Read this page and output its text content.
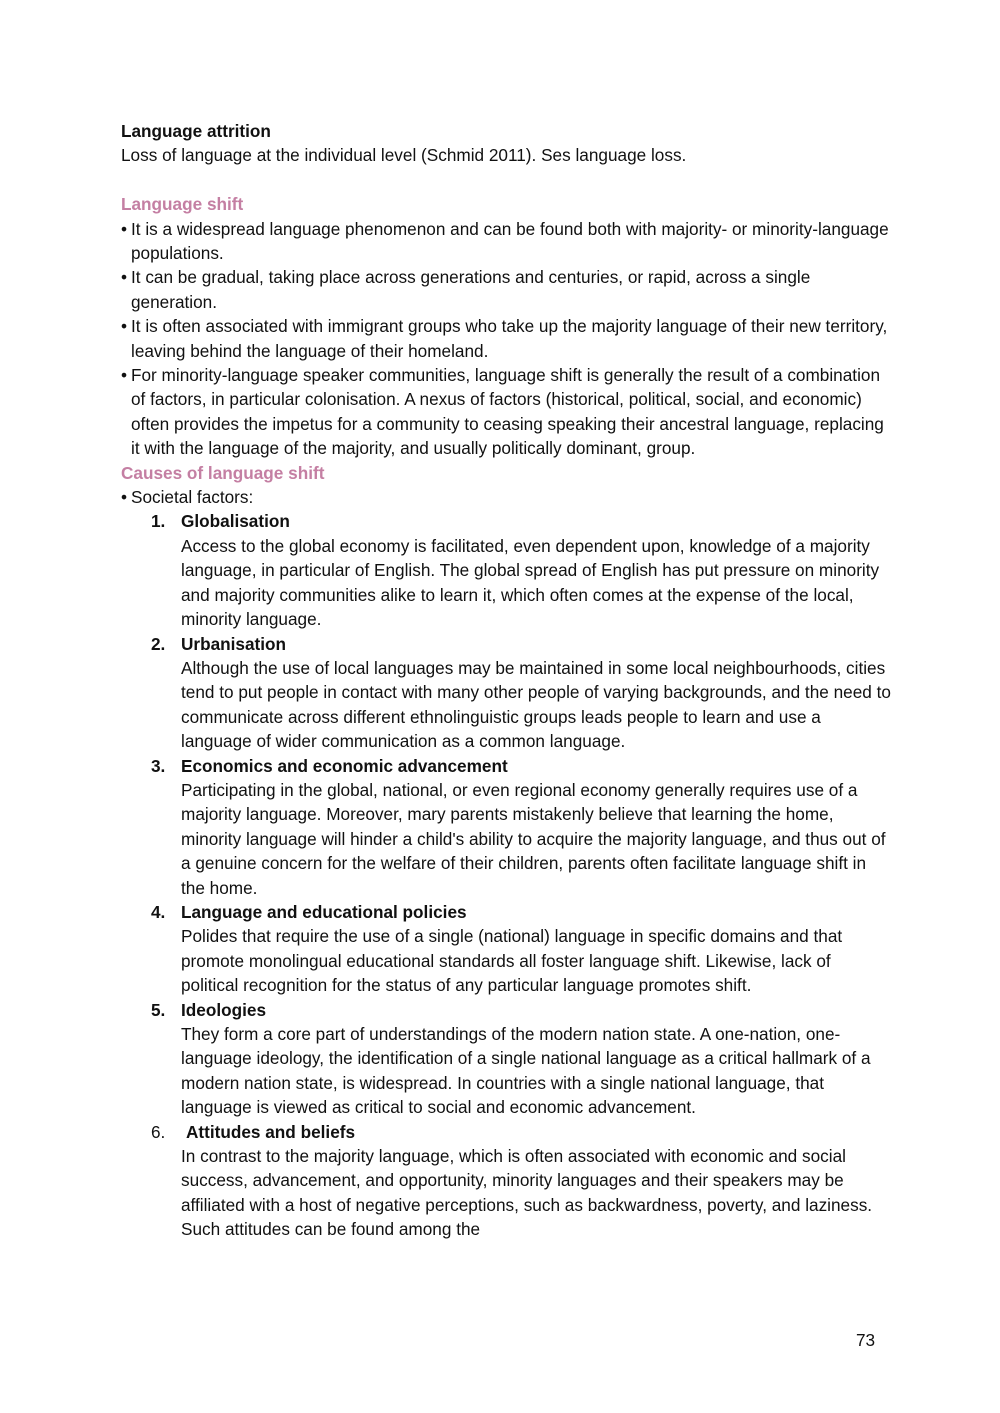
Language attrition

Loss of language at the individual level (Schmid 2011). Ses language loss.

Language shift

• It is a widespread language phenomenon and can be found both with majority- or minority-language populations.
• It can be gradual, taking place across generations and centuries, or rapid, across a single generation.
• It is often associated with immigrant groups who take up the majority language of their new territory, leaving behind the language of their homeland.
• For minority-language speaker communities, language shift is generally the result of a combination of factors, in particular colonisation. A nexus of factors (historical, political, social, and economic) often provides the impetus for a community to ceasing speaking their ancestral language, replacing it with the language of the majority, and usually politically dominant, group.

Causes of language shift

• Societal factors:
1. Globalisation
Access to the global economy is facilitated, even dependent upon, knowledge of a majority language, in particular of English. The global spread of English has put pressure on minority and majority communities alike to learn it, which often comes at the expense of the local, minority language.
2. Urbanisation
Although the use of local languages may be maintained in some local neighbourhoods, cities tend to put people in contact with many other people of varying backgrounds, and the need to communicate across different ethnolinguistic groups leads people to learn and use a language of wider communication as a common language.
3. Economics and economic advancement
Participating in the global, national, or even regional economy generally requires use of a majority language. Moreover, mary parents mistakenly believe that learning the home, minority language will hinder a child's ability to acquire the majority language, and thus out of a genuine concern for the welfare of their children, parents often facilitate language shift in the home.
4. Language and educational policies
Polides that require the use of a single (national) language in specific domains and that promote monolingual educational standards all foster language shift. Likewise, lack of political recognition for the status of any particular language promotes shift.
5. Ideologies
They form a core part of understandings of the modern nation state. A one-nation, one-language ideology, the identification of a single national language as a critical hallmark of a modern nation state, is widespread. In countries with a single national language, that language is viewed as critical to social and economic advancement.
6.	Attitudes and beliefs
In contrast to the majority language, which is often associated with economic and social success, advancement, and opportunity, minority languages and their speakers may be affiliated with a host of negative perceptions, such as backwardness, poverty, and laziness. Such attitudes can be found among the
73
